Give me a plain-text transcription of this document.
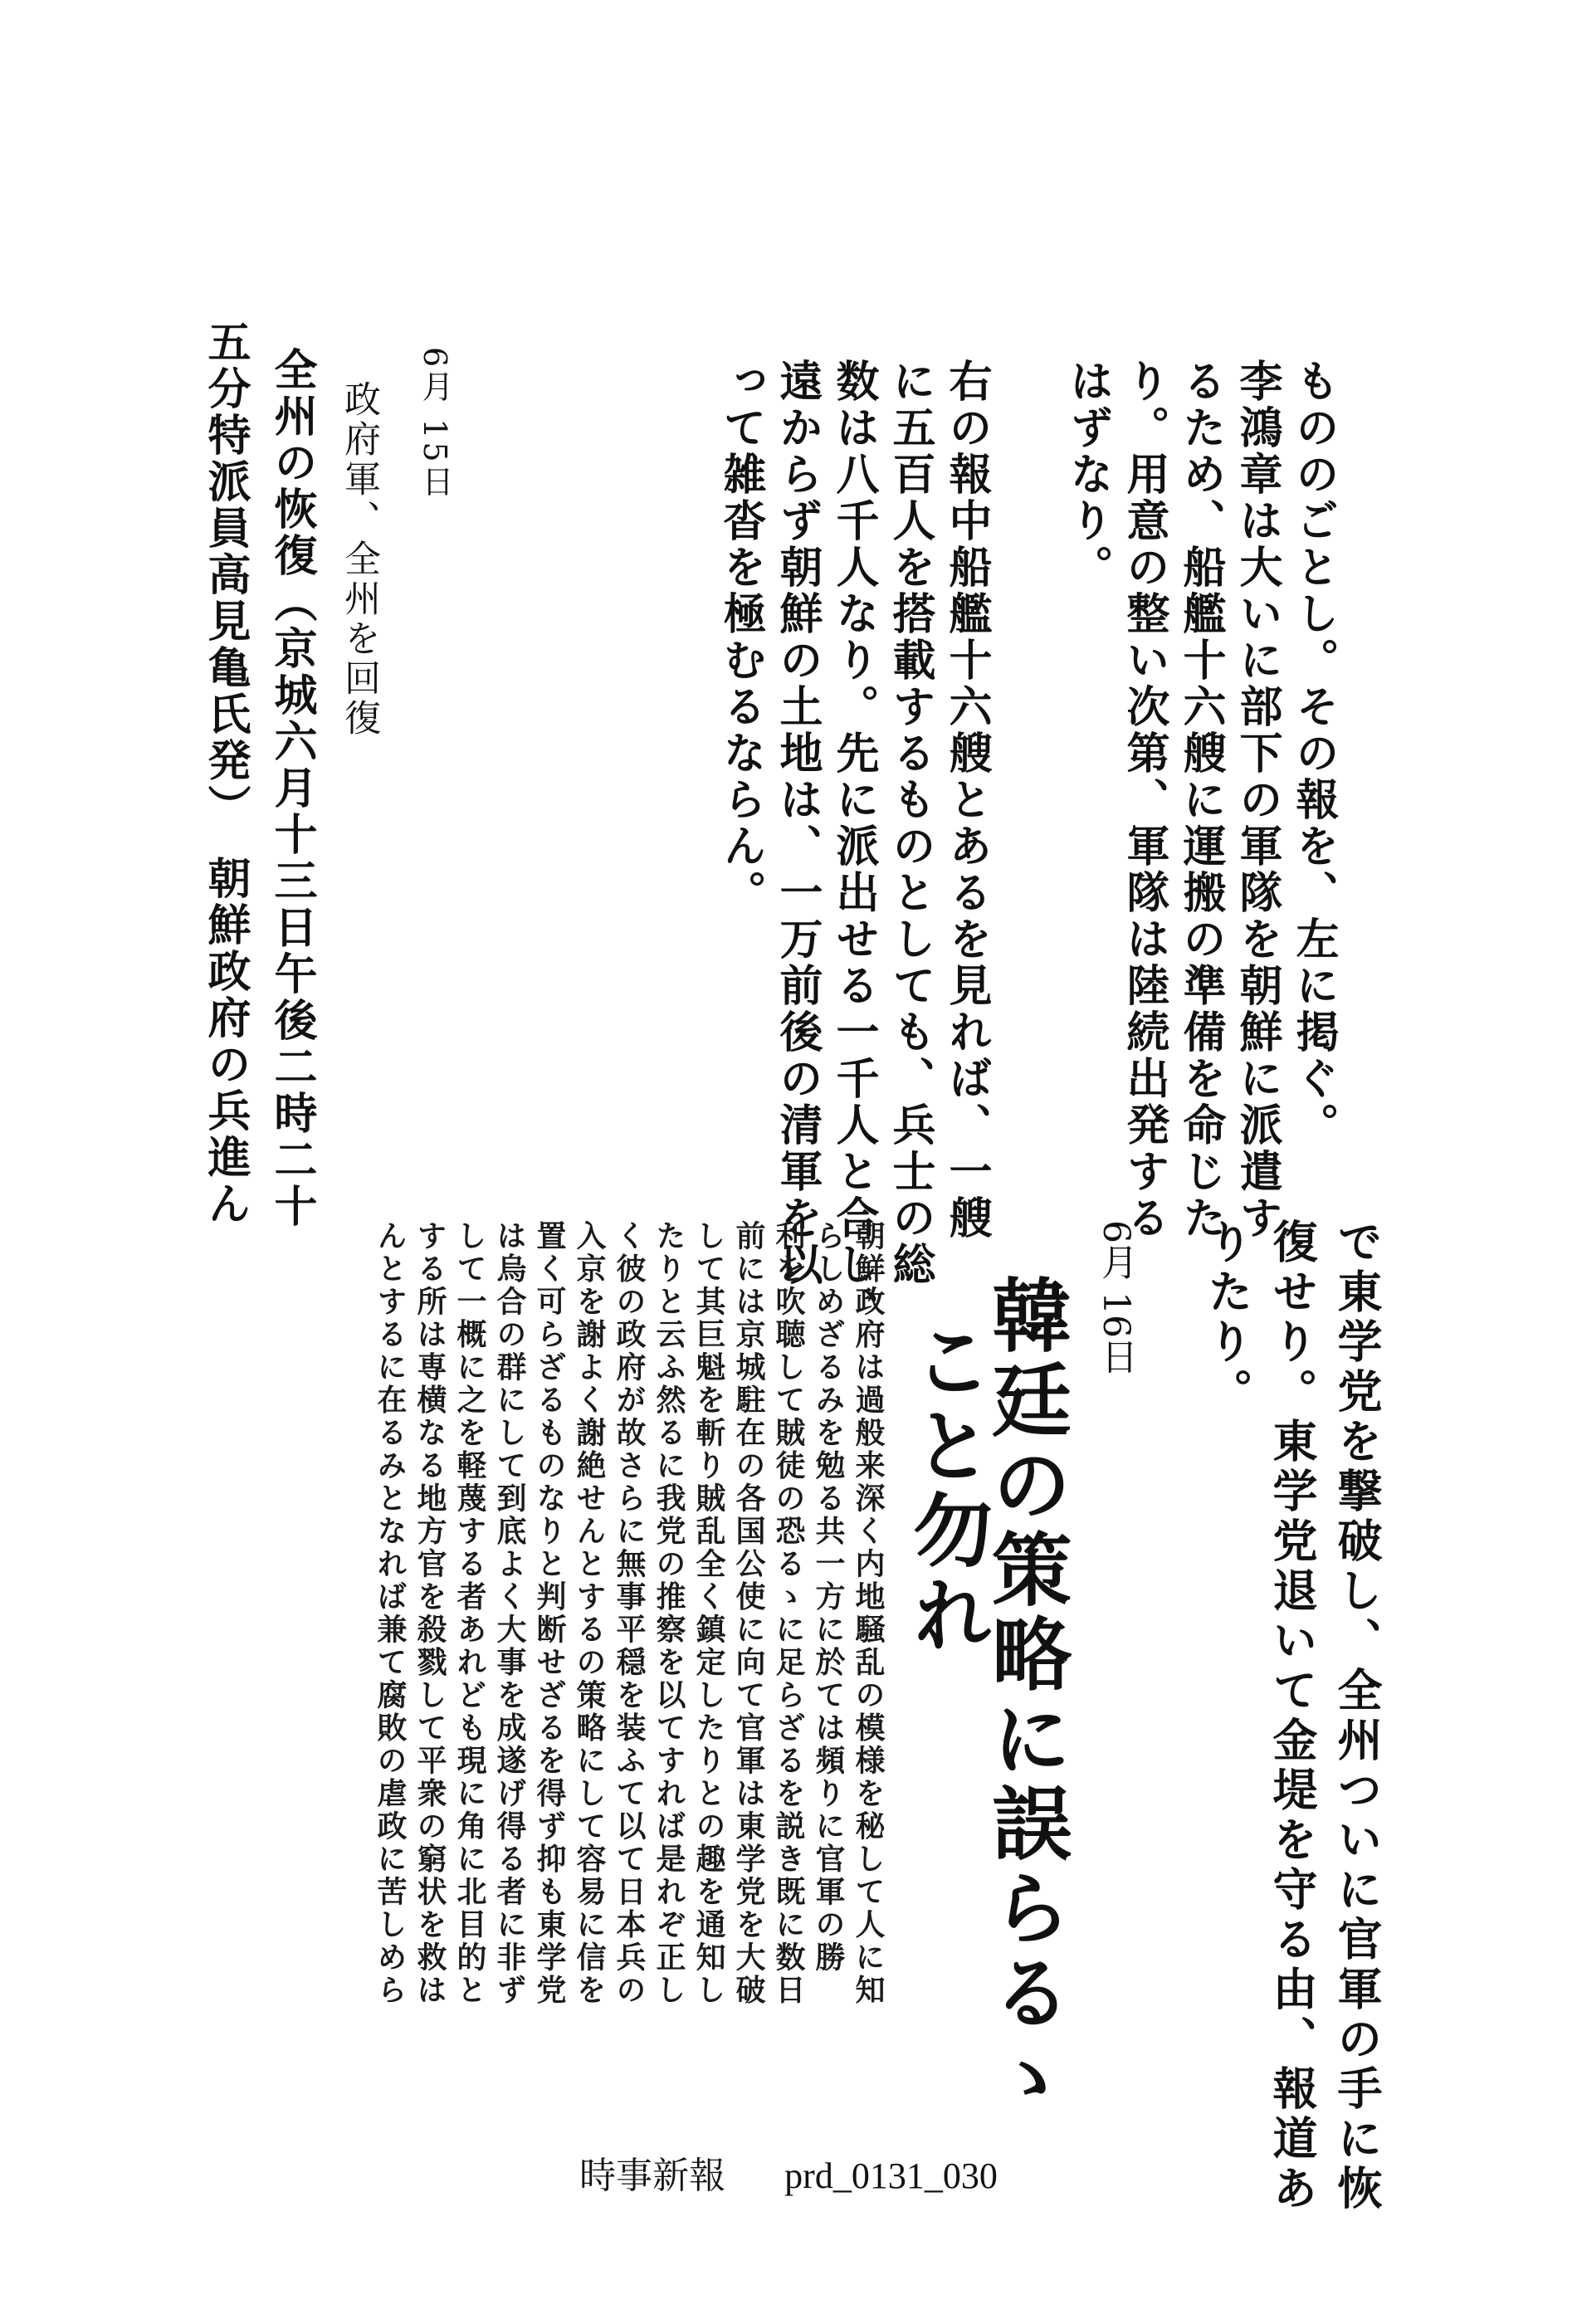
もののごとし。その報を、左に掲ぐ。
李鴻章は大いに部下の軍隊を朝鮮に派遣す
るため、船艦十六艘に運搬の準備を命じた
り。用意の整い次第、軍隊は陸続出発する
はずなり。
右の報中船艦十六艘とあるを見れば、一艘
に五百人を搭載するものとしても、兵士の総
数は八千人なり。先に派出せる一千人と合し、
遠からず朝鮮の土地は、一万前後の清軍を以
って雑沓を極むるならん。
6月 15日
政府軍、全州を回復
全州の恢復（京城六月十三日午後二時二十
五分特派員高見亀氏発）　朝鮮政府の兵進ん
で東学党を撃破し、全州ついに官軍の手に恢
復せり。東学党退いて金堤を守る由、報道あ
りたり。
6月 16日
韓廷の策略に誤らるゝ
こと勿れ
朝鮮政府は過般来深く内地騒乱の模様を秘して人に知
らしめざるみを勉る共一方に於ては頻りに官軍の勝
利を吹聴して賊徒の恐るゝに足らざるを説き既に数日
前には京城駐在の各国公使に向て官軍は東学党を大破
して其巨魁を斬り賊乱全く鎮定したりとの趣を通知し
たりと云ふ然るに我党の推察を以てすれば是れぞ正し
く彼の政府が故さらに無事平穏を装ふて以て日本兵の
入京を謝よく謝絶せんとするの策略にして容易に信を
置く可らざるものなりと判断せざるを得ず抑も東学党
は烏合の群にして到底よく大事を成遂げ得る者に非ず
して一概に之を軽蔑する者あれども現に角に北目的と
する所は専横なる地方官を殺戮して平衆の窮状を救は
んとするに在るみとなれば兼て腐敗の虐政に苦しめら
時事新報 prd_0131_030
